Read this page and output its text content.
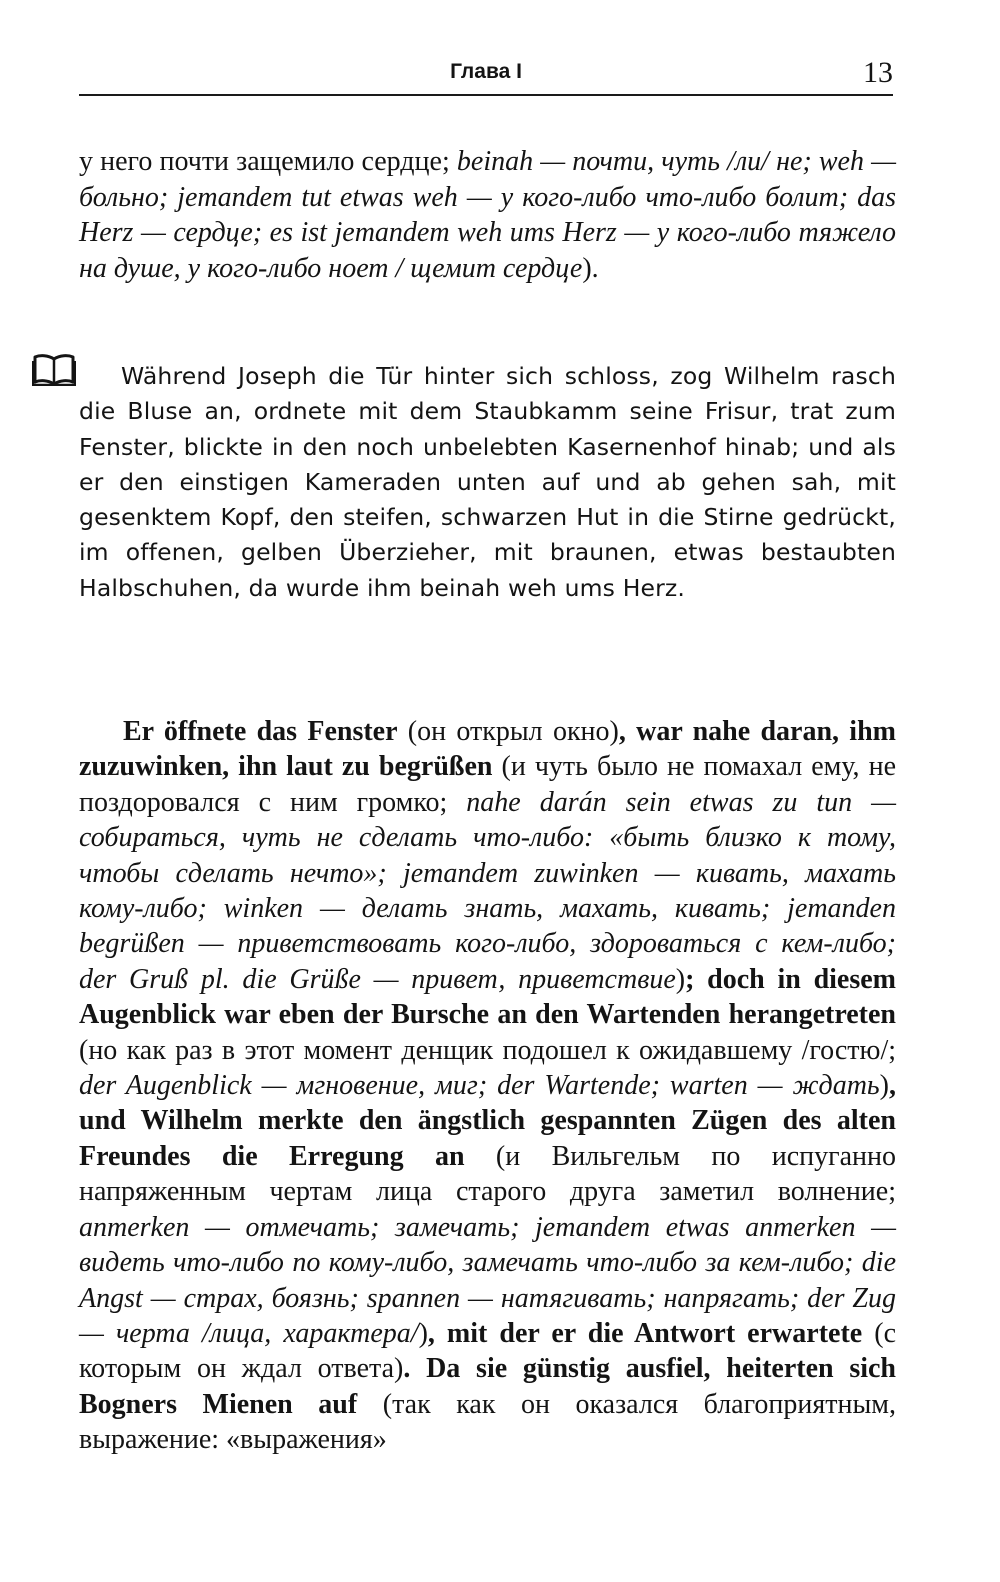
Глава I	13

у него почти защемило сердце; beinah — почти, чуть /ли/ не; weh — больно; jemandem tut etwas weh — у кого-либо что-либо болит; das Herz — сердце; es ist jemandem weh ums Herz — у кого-либо тяжело на душе, у кого-либо ноет / щемит сердце).

Während Joseph die Tür hinter sich schloss, zog Wilhelm rasch die Bluse an, ordnete mit dem Staubkamm seine Frisur, trat zum Fenster, blickte in den noch unbelebten Kasernenhof hinab; und als er den einstigen Kameraden unten auf und ab gehen sah, mit gesenktem Kopf, den steifen, schwarzen Hut in die Stirne gedrückt, im offenen, gelben Überzieher, mit braunen, etwas bestaubten Halbschuhen, da wurde ihm beinah weh ums Herz.

Er öffnete das Fenster (он открыл окно), war nahe daran, ihm zuzuwinken, ihn laut zu begrüßen (и чуть было не помахал ему, не поздоровался с ним громко; nahe darán sein etwas zu tun — собираться, чуть не сделать что-либо: «быть близко к тому, чтобы сделать нечто»; jemandem zuwinken — кивать, махать кому-либо; winken — делать знать, махать, кивать; jemanden begrüßen — приветствовать кого-либо, здороваться с кем-либо; der Gruß pl. die Grüße — привет, приветствие); doch in diesem Augenblick war eben der Bursche an den Wartenden herangetreten (но как раз в этот момент денщик подошел к ожидавшему /гостю/; der Augenblick — мгновение, миг; der Wartende; warten — ждать), und Wilhelm merkte den ängstlich gespannten Zügen des alten Freundes die Erregung an (и Вильгельм по испуганно напряженным чертам лица старого друга заметил волнение; anmerken — отмечать; замечать; jemandem etwas anmerken — видеть что-либо по кому-либо, замечать что-либо за кем-либо; die Angst — страх, боязнь; spannen — натягивать; напрягать; der Zug — черта /лица, характера/), mit der er die Antwort erwartete (с которым он ждал ответа). Da sie günstig ausfiel, heiterten sich Bogners Mienen auf (так как он оказался благоприятным, выражение: «выражения»
